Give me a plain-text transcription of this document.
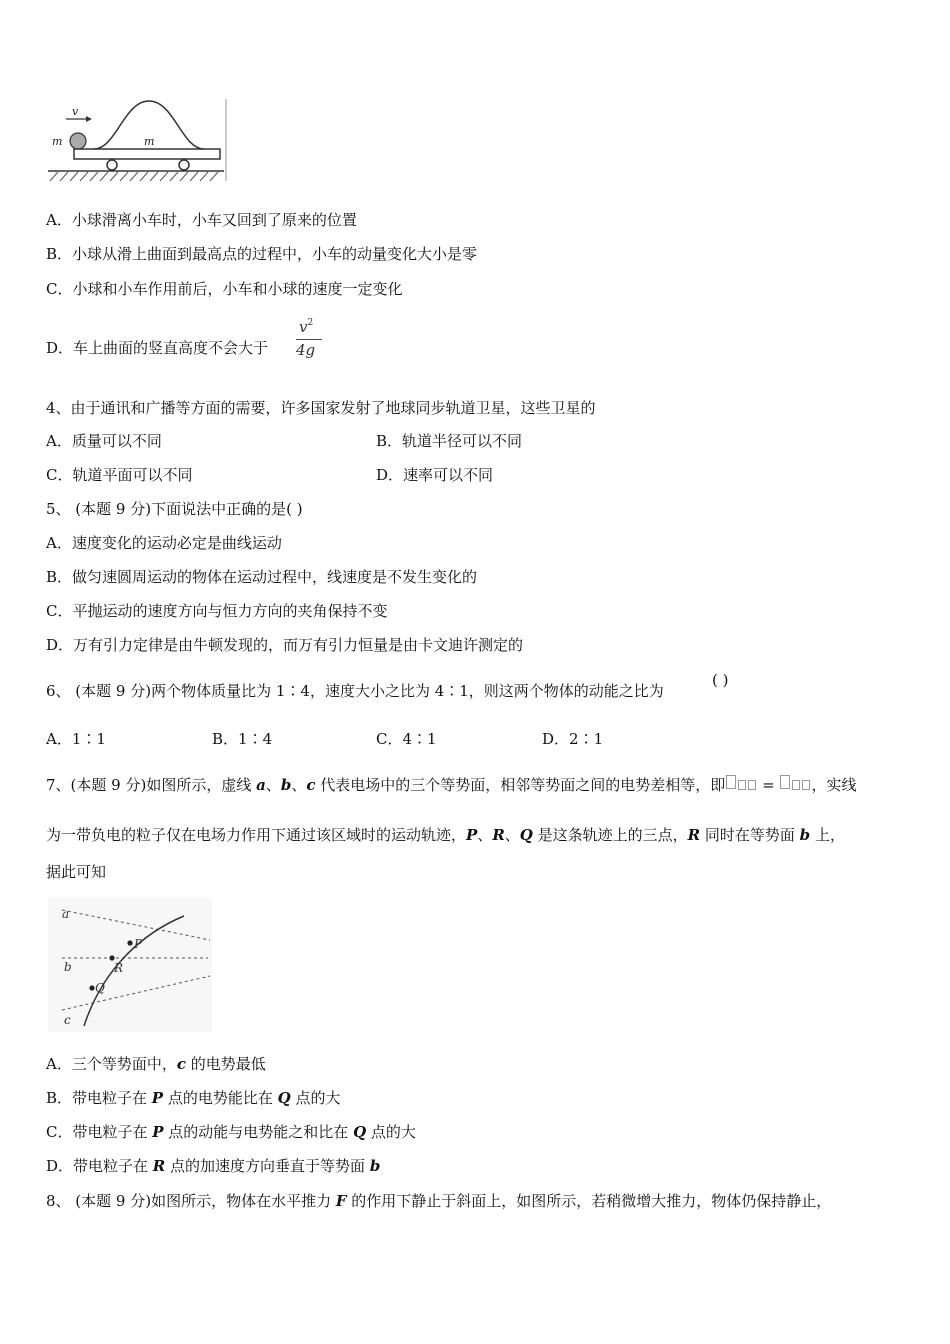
v
m	m
A．小球滑离小车时，小车又回到了原来的位置
B．小球从滑上曲面到最高点的过程中，小车的动量变化大小是零
C．小球和小车作用前后，小车和小球的速度一定变化
D．车上曲面的竖直高度不会大于
$v^2$
4g
4、由于通讯和广播等方面的需要，许多国家发射了地球同步轨道卫星，这些卫星的
A．质量可以不同	B．轨道半径可以不同
C．轨道平面可以不同	D．速率可以不同
5、 (本题 9 分)下面说法中正确的是( )
A．速度变化的运动必定是曲线运动
B．做匀速圆周运动的物体在运动过程中，线速度是不发生变化的
C．平抛运动的速度方向与恒力方向的夹角保持不变
D．万有引力定律是由牛顿发现的，而万有引力恒量是由卡文迪许测定的
6、 (本题 9 分)两个物体质量比为 1∶4，速度大小之比为 4∶1，则这两个物体的动能之比为
( )
A．1∶1	B．1∶4	C．4∶1	D．2∶1
7、(本题 9 分)如图所示，虚线 a、b、c 代表电场中的三个等势面，相邻等势面之间的电势差相等，即 = ，实线
为一带负电的粒子仅在电场力作用下通过该区域时的运动轨迹，P、R、Q 是这条轨迹上的三点，R 同时在等势面 b 上，
据此可知
a
b
c
P
R
Q
A．三个等势面中，c 的电势最低
B．带电粒子在 P 点的电势能比在 Q 点的大
C．带电粒子在 P 点的动能与电势能之和比在 Q 点的大
D．带电粒子在 R 点的加速度方向垂直于等势面 b
8、 (本题 9 分)如图所示，物体在水平推力 F 的作用下静止于斜面上，如图所示，若稍微增大推力，物体仍保持静止，
